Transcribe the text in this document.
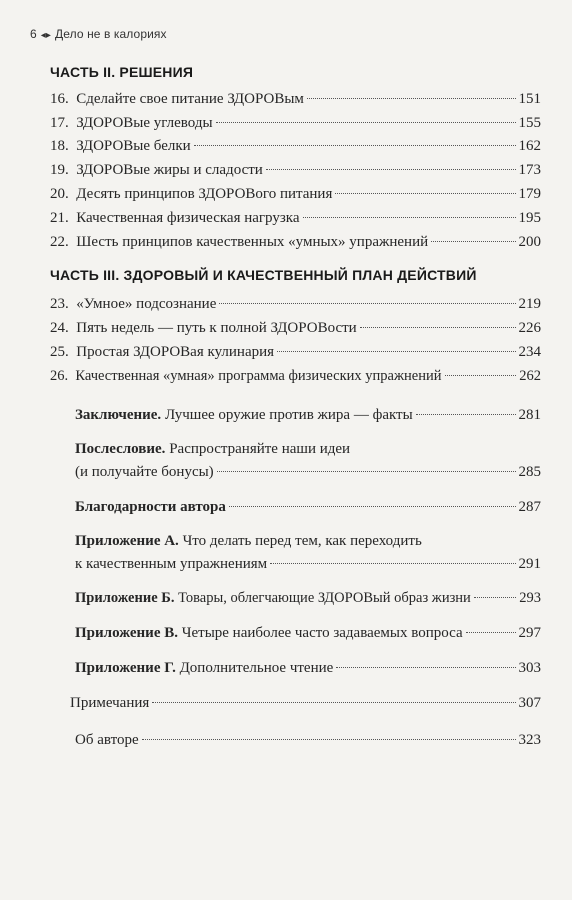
6 ◂▸ Дело не в калориях
ЧАСТЬ II. РЕШЕНИЯ
16. Сделайте свое питание ЗДОРОВым	151
17. ЗДОРОВые углеводы	155
18. ЗДОРОВые белки	162
19. ЗДОРОВые жиры и сладости	173
20. Десять принципов ЗДОРОВого питания	179
21. Качественная физическая нагрузка	195
22. Шесть принципов качественных «умных» упражнений	200
ЧАСТЬ III. ЗДОРОВЫЙ И КАЧЕСТВЕННЫЙ ПЛАН ДЕЙСТВИЙ
23. «Умное» подсознание	219
24. Пять недель — путь к полной ЗДОРОВости	226
25. Простая ЗДОРОВая кулинария	234
26. Качественная «умная» программа физических упражнений	262
Заключение. Лучшее оружие против жира — факты	281
Послесловие. Распространяйте наши идеи
(и получайте бонусы)	285
Благодарности автора	287
Приложение А. Что делать перед тем, как переходить
к качественным упражнениям	291
Приложение Б. Товары, облегчающие ЗДОРОВый образ жизни	293
Приложение В. Четыре наиболее часто задаваемых вопроса	297
Приложение Г. Дополнительное чтение	303
Примечания	307
Об авторе	323
